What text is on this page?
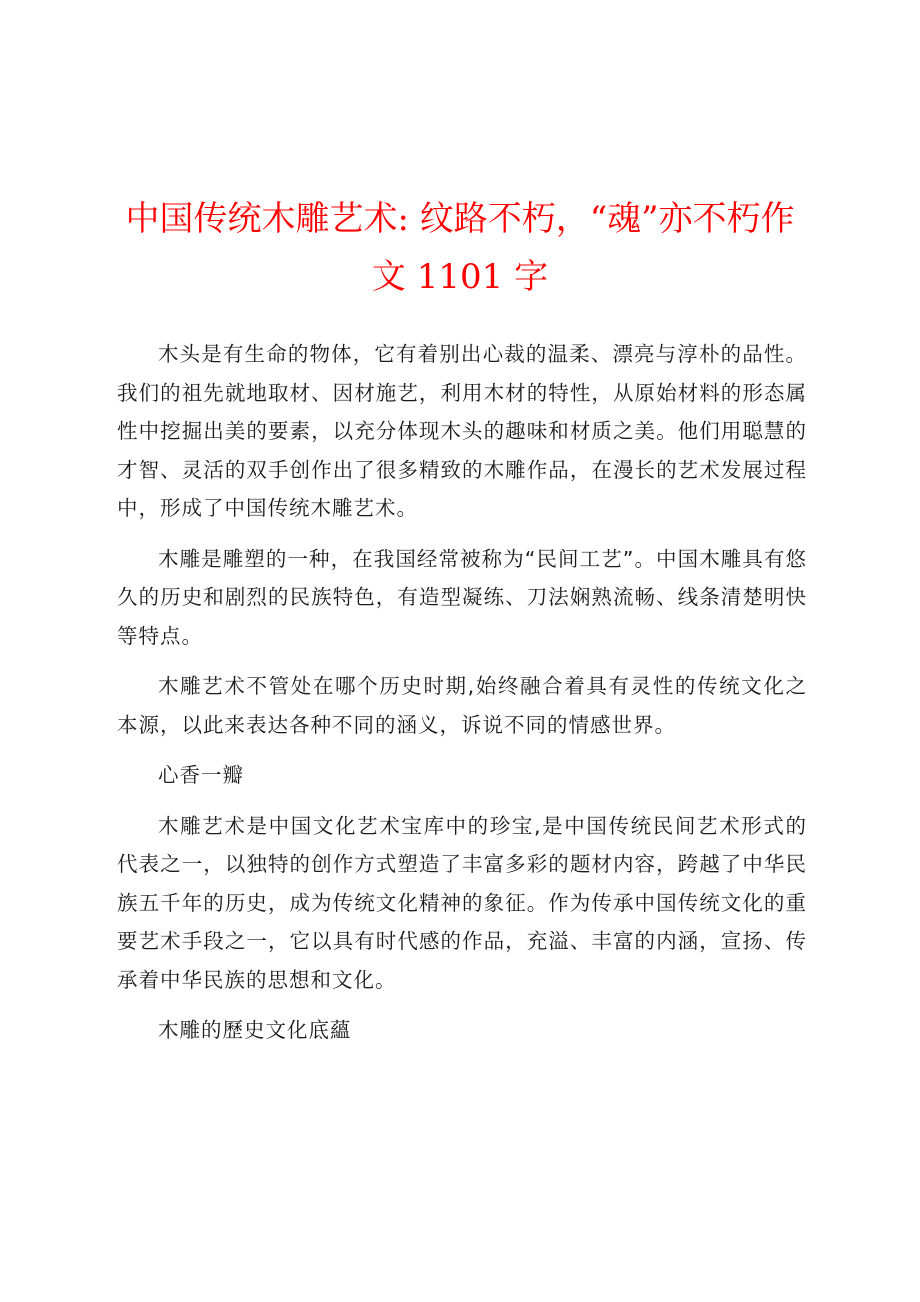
中国传统木雕艺术: 纹路不朽，“魂”亦不朽作
文 1101 字

木头是有生命的物体，它有着别出心裁的温柔、漂亮与淳朴的品性。我们的祖先就地取材、因材施艺，利用木材的特性，从原始材料的形态属性中挖掘出美的要素，以充分体现木头的趣味和材质之美。他们用聪慧的才智、灵活的双手创作出了很多精致的木雕作品，在漫长的艺术发展过程中，形成了中国传统木雕艺术。

木雕是雕塑的一种，在我国经常被称为“民间工艺”。中国木雕具有悠久的历史和剧烈的民族特色，有造型凝练、刀法娴熟流畅、线条清楚明快等特点。

木雕艺术不管处在哪个历史时期,始终融合着具有灵性的传统文化之本源，以此来表达各种不同的涵义，诉说不同的情感世界。

心香一瓣

木雕艺术是中国文化艺术宝库中的珍宝,是中国传统民间艺术形式的代表之一，以独特的创作方式塑造了丰富多彩的题材内容，跨越了中华民族五千年的历史，成为传统文化精神的象征。作为传承中国传统文化的重要艺术手段之一，它以具有时代感的作品，充溢、丰富的内涵，宣扬、传承着中华民族的思想和文化。

木雕的歷史文化底蘊
